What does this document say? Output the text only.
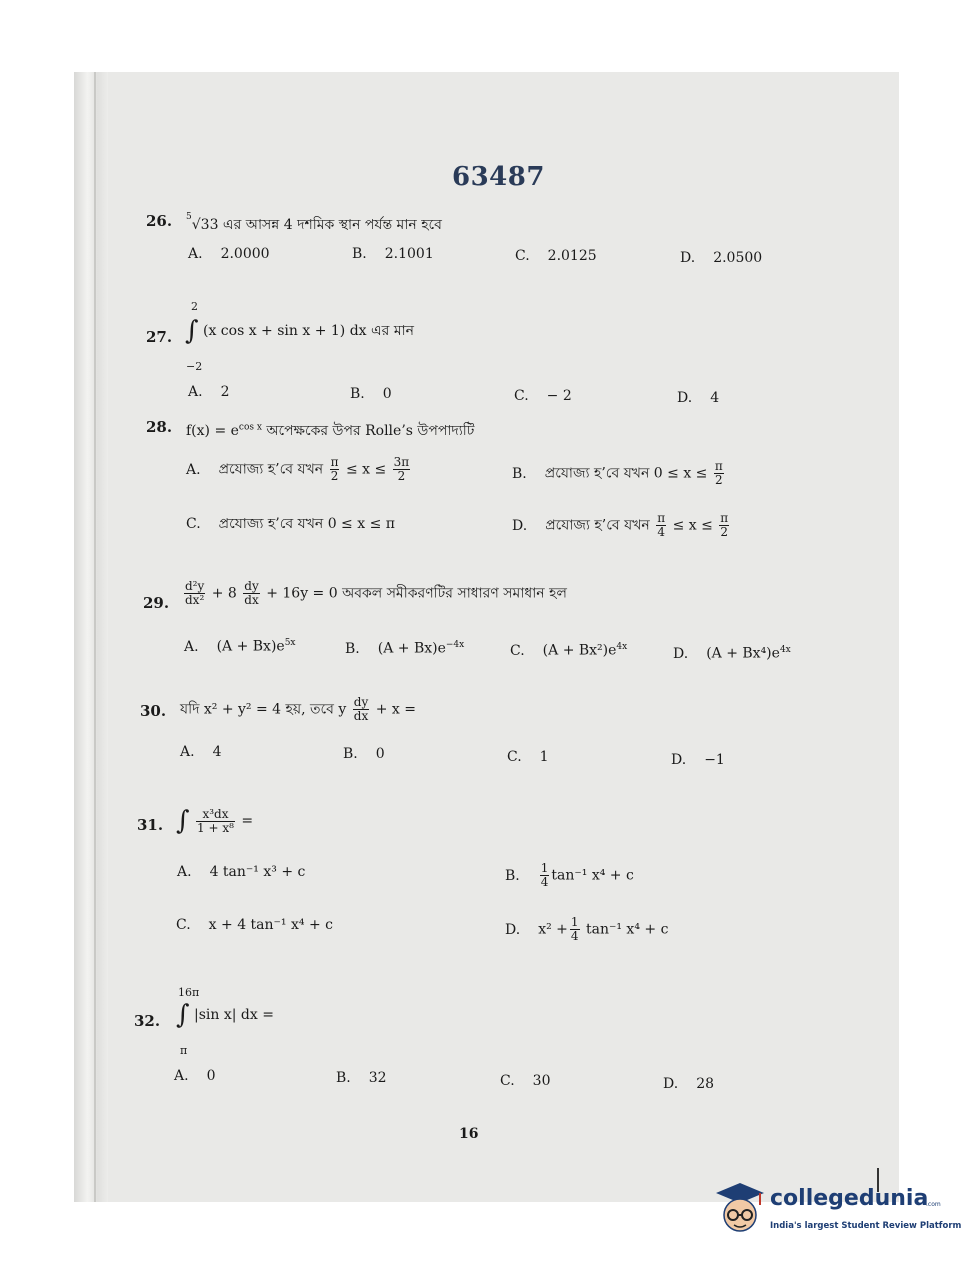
63487
26. $^5$√33 এর আসন্ন 4 দশমিক স্থান পর্যন্ত মান হবে
A. 2.0000	B. 2.1001	C. 2.0125	D. 2.0500
27.
2
∫ (x cos x + sin x + 1) dx এর মান
−2
A. 2	B. 0	C. − 2	D. 4
28. $f(x) = e^{cos x}$ অপেক্ষকের উপর Rolle’s উপপাদ্যটি
A. প্রযোজ্য হ’বে যখন $\frac{\pi}{2} \le x \le \frac{3\pi}{2}$	B. প্রযোজ্য হ’বে যখন $0 \le x \le \frac{\pi}{2}$
C. প্রযোজ্য হ’বে যখন 0 ≤ x ≤ π	D. প্রযোজ্য হ’বে যখন $\frac{\pi}{4} \le x \le \frac{\pi}{2}$
29. $\frac{\text{d²y}}{\text{dx²}} + 8 \frac{dy}{dx} + 16y = 0$ অবকল সমীকরণটির সাধারণ সমাধান হল
A. $(A + Bx)e^{5x}$	B. $(A + Bx)e^{-4x}$	C. $(A + Bx^2)e^{4x}$	D. $(A + Bx^4)e^{4x}$
30. যদি x² + y² = 4 হয়, তবে y $\frac{dy}{dx} + x$ =
A. 4	B. 0	C. 1	D. −1
31. ∫ $\frac{\text{x³dx}}{\text{1 + x⁸}}$ =
A. 4 tan⁻¹ x³ + c	B. $\frac{1}{4} \tan^{-1}$ x⁴ + c
C. x + 4 tan⁻¹ x⁴ + c	D. $x^2 + \frac{1}{4} \tan^{-1}$ x⁴ + c
32.
16π
∫ |sin x| dx =
π
A. 0	B. 32	C. 30	D. 28
16
collegedunia
.com
India's largest Student Review Platform
